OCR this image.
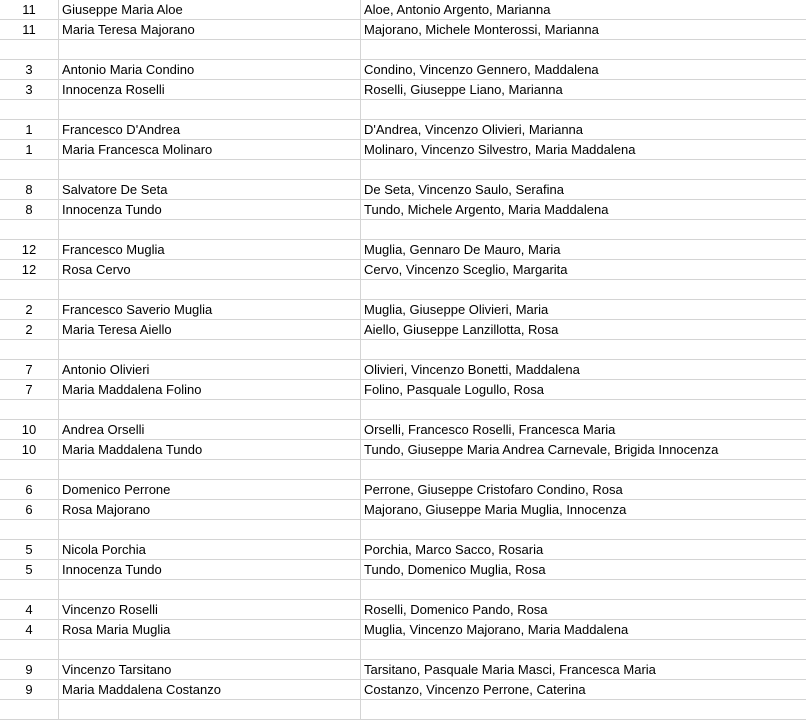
11	Giuseppe Maria Aloe	Aloe, Antonio Argento, Marianna
11	Maria Teresa Majorano	Majorano, Michele Monterossi, Marianna

3	Antonio Maria Condino	Condino, Vincenzo Gennero, Maddalena
3	Innocenza Roselli	Roselli, Giuseppe Liano, Marianna

1	Francesco D'Andrea	D'Andrea, Vincenzo Olivieri, Marianna
1	Maria Francesca Molinaro	Molinaro, Vincenzo Silvestro, Maria Maddalena

8	Salvatore De Seta	De Seta, Vincenzo Saulo, Serafina
8	Innocenza Tundo	Tundo, Michele Argento, Maria Maddalena

12	Francesco Muglia	Muglia, Gennaro De Mauro, Maria
12	Rosa Cervo	Cervo, Vincenzo Sceglio, Margarita

2	Francesco Saverio Muglia	Muglia, Giuseppe Olivieri, Maria
2	Maria Teresa Aiello	Aiello, Giuseppe Lanzillotta, Rosa

7	Antonio Olivieri	Olivieri, Vincenzo Bonetti, Maddalena
7	Maria Maddalena Folino	Folino, Pasquale Logullo, Rosa

10	Andrea Orselli	Orselli, Francesco Roselli, Francesca Maria
10	Maria Maddalena Tundo	Tundo, Giuseppe Maria Andrea Carnevale, Brigida Innocenza

6	Domenico Perrone	Perrone, Giuseppe Cristofaro Condino, Rosa
6	Rosa Majorano	Majorano, Giuseppe Maria Muglia, Innocenza

5	Nicola Porchia	Porchia, Marco Sacco, Rosaria
5	Innocenza Tundo	Tundo, Domenico Muglia, Rosa

4	Vincenzo Roselli	Roselli, Domenico Pando, Rosa
4	Rosa Maria Muglia	Muglia, Vincenzo Majorano, Maria Maddalena

9	Vincenzo Tarsitano	Tarsitano, Pasquale Maria Masci, Francesca Maria
9	Maria Maddalena Costanzo	Costanzo, Vincenzo Perrone, Caterina
